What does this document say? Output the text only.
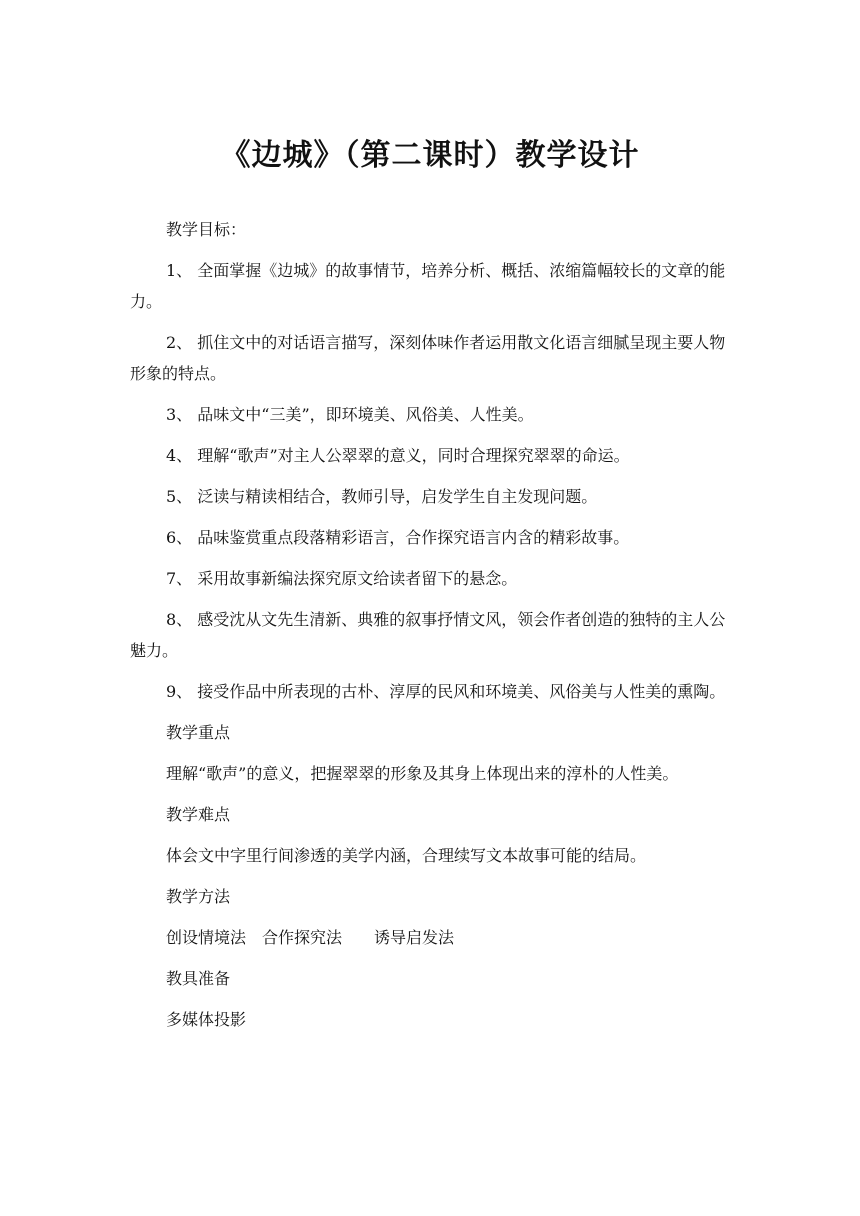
《边城》（第二课时）教学设计

教学目标：

1、 全面掌握《边城》的故事情节，培养分析、概括、浓缩篇幅较长的文章的能力。

2、 抓住文中的对话语言描写，深刻体味作者运用散文化语言细腻呈现主要人物形象的特点。

3、 品味文中“三美”，即环境美、风俗美、人性美。

4、 理解“歌声”对主人公翠翠的意义，同时合理探究翠翠的命运。

5、 泛读与精读相结合，教师引导，启发学生自主发现问题。

6、 品味鉴赏重点段落精彩语言，合作探究语言内含的精彩故事。

7、 采用故事新编法探究原文给读者留下的悬念。

8、 感受沈从文先生清新、典雅的叙事抒情文风，领会作者创造的独特的主人公魅力。

9、 接受作品中所表现的古朴、淳厚的民风和环境美、风俗美与人性美的熏陶。

教学重点

理解“歌声”的意义，把握翠翠的形象及其身上体现出来的淳朴的人性美。

教学难点

体会文中字里行间渗透的美学内涵，合理续写文本故事可能的结局。

教学方法

创设情境法　合作探究法　　诱导启发法

教具准备

多媒体投影
